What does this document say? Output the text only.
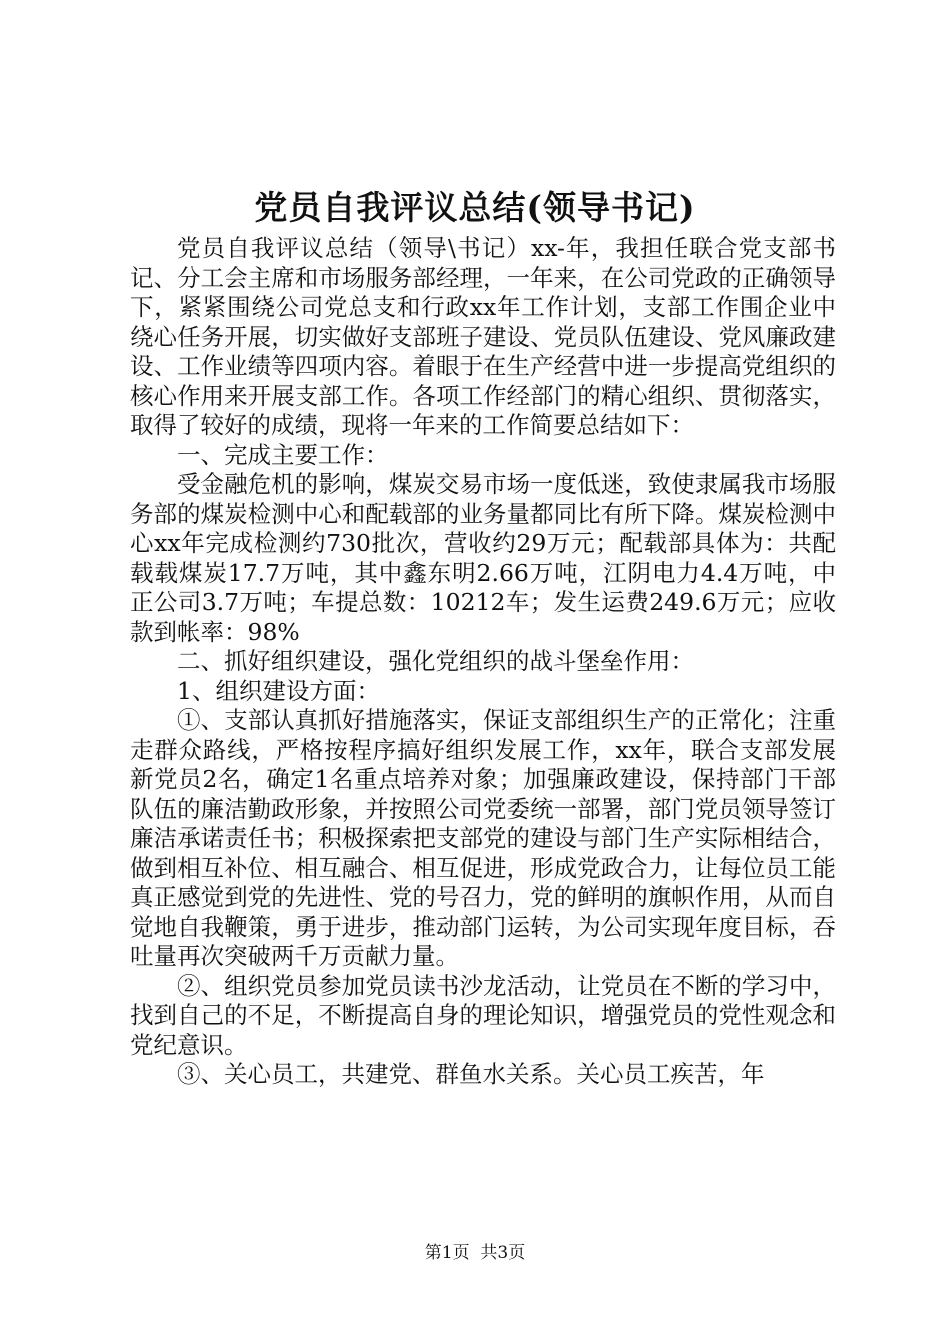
党员自我评议总结(领导书记)

党员自我评议总结（领导\书记）xx-年，我担任联合党支部书记、分工会主席和市场服务部经理，一年来，在公司党政的正确领导下，紧紧围绕公司党总支和行政xx年工作计划，支部工作围企业中绕心任务开展，切实做好支部班子建设、党员队伍建设、党风廉政建设、工作业绩等四项内容。着眼于在生产经营中进一步提高党组织的核心作用来开展支部工作。各项工作经部门的精心组织、贯彻落实，取得了较好的成绩，现将一年来的工作简要总结如下：

一、完成主要工作：

受金融危机的影响，煤炭交易市场一度低迷，致使隶属我市场服务部的煤炭检测中心和配载部的业务量都同比有所下降。煤炭检测中心xx年完成检测约730批次，营收约29万元；配载部具体为：共配载载煤炭17.7万吨，其中鑫东明2.66万吨，江阴电力4.4万吨，中正公司3.7万吨；车提总数：10212车；发生运费249.6万元；应收款到帐率：98%

二、抓好组织建设，强化党组织的战斗堡垒作用：

1、组织建设方面：

①、支部认真抓好措施落实，保证支部组织生产的正常化；注重走群众路线，严格按程序搞好组织发展工作，xx年，联合支部发展新党员2名，确定1名重点培养对象；加强廉政建设，保持部门干部队伍的廉洁勤政形象，并按照公司党委统一部署，部门党员领导签订廉洁承诺责任书；积极探索把支部党的建设与部门生产实际相结合，做到相互补位、相互融合、相互促进，形成党政合力，让每位员工能真正感觉到党的先进性、党的号召力，党的鲜明的旗帜作用，从而自觉地自我鞭策，勇于进步，推动部门运转，为公司实现年度目标，吞吐量再次突破两千万贡献力量。

②、组织党员参加党员读书沙龙活动，让党员在不断的学习中，找到自己的不足，不断提高自身的理论知识，增强党员的党性观念和党纪意识。

③、关心员工，共建党、群鱼水关系。关心员工疾苦，年

第1页  共3页
